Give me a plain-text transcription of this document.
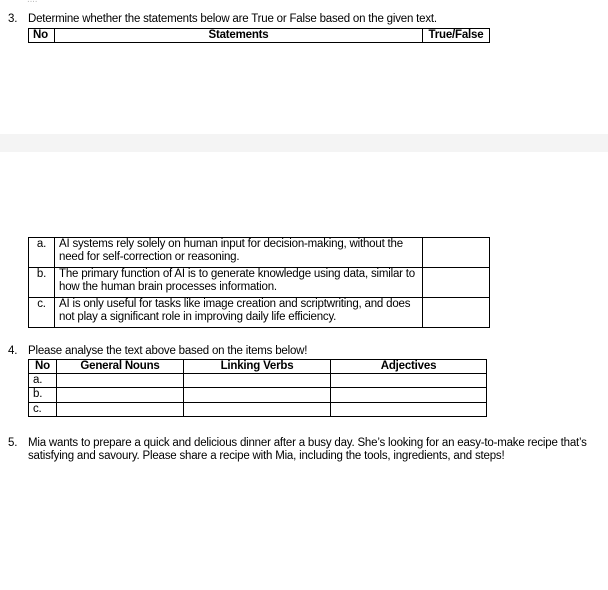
3. Determine whether the statements below are True or False based on the given text.
No	Statements	True/False
a.	AI systems rely solely on human input for decision-making, without the need for self-correction or reasoning.	
b.	The primary function of AI is to generate knowledge using data, similar to how the human brain processes information.	
c.	AI is only useful for tasks like image creation and scriptwriting, and does not play a significant role in improving daily life efficiency.	
4. Please analyse the text above based on the items below!
No	General Nouns	Linking Verbs	Adjectives
a.			
b.			
c.			
5. Mia wants to prepare a quick and delicious dinner after a busy day. She’s looking for an easy-to-make recipe that’s satisfying and savoury. Please share a recipe with Mia, including the tools, ingredients, and steps!
